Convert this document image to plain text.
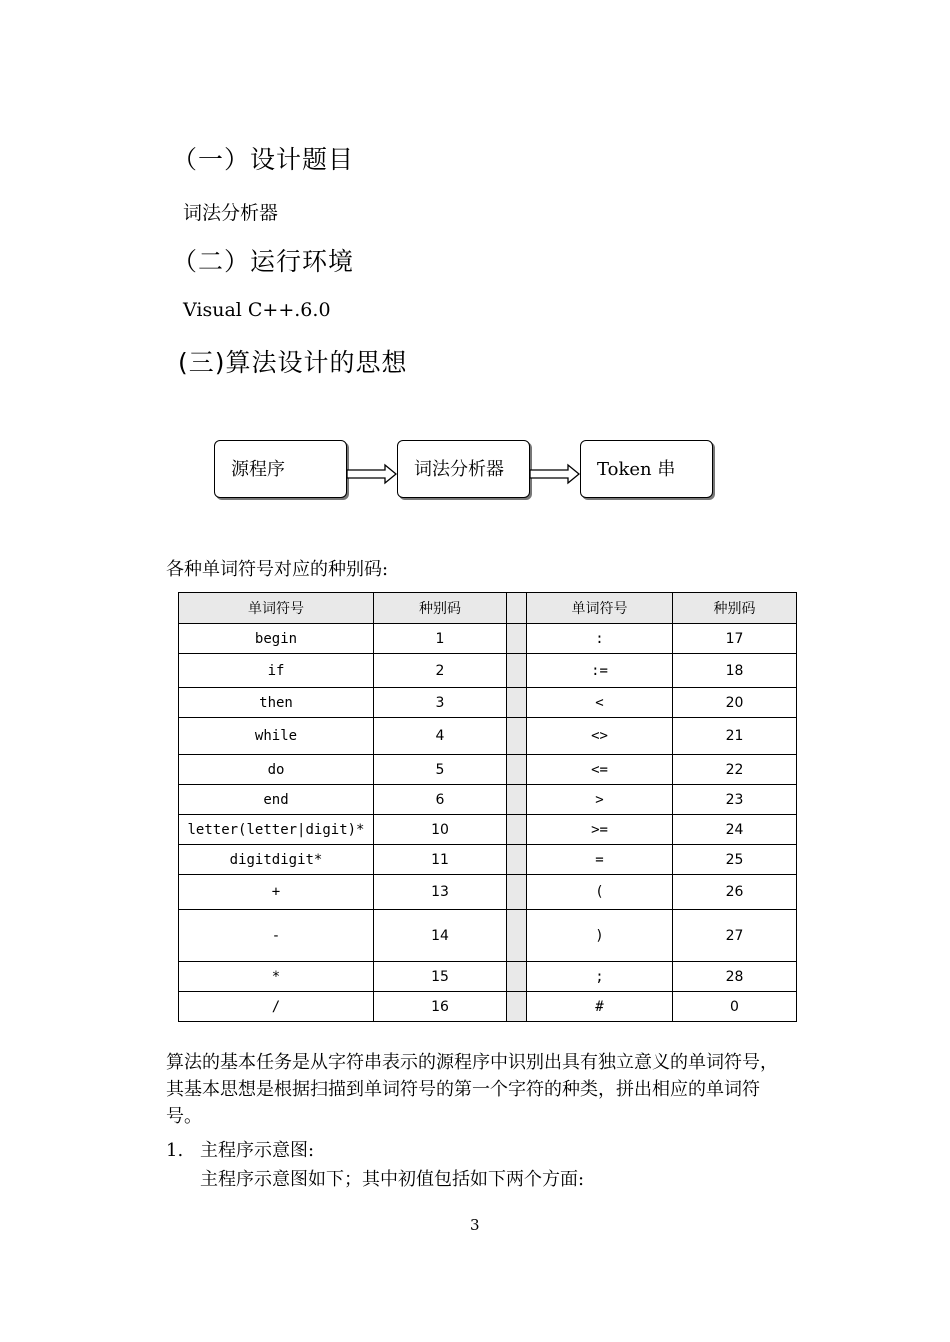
（一）设计题目
词法分析器
（二）运行环境
Visual C++.6.0
(三)算法设计的思想
源程序	词法分析器	Token 串
各种单词符号对应的种别码:
单词符号	种别码		单词符号	种别码
begin	1		:	17
if	2		:=	18
then	3		<	20
while	4		<>	21
do	5		<=	22
end	6		>	23
letter(letter|digit)*	10		>=	24
digitdigit*	11		=	25
+	13		(	26
-	14		)	27
*	15		;	28
/	16		#	0
算法的基本任务是从字符串表示的源程序中识别出具有独立意义的单词符号，其基本思想是根据扫描到单词符号的第一个字符的种类，拼出相应的单词符号。
1. 主程序示意图:
主程序示意图如下；其中初值包括如下两个方面:
3
